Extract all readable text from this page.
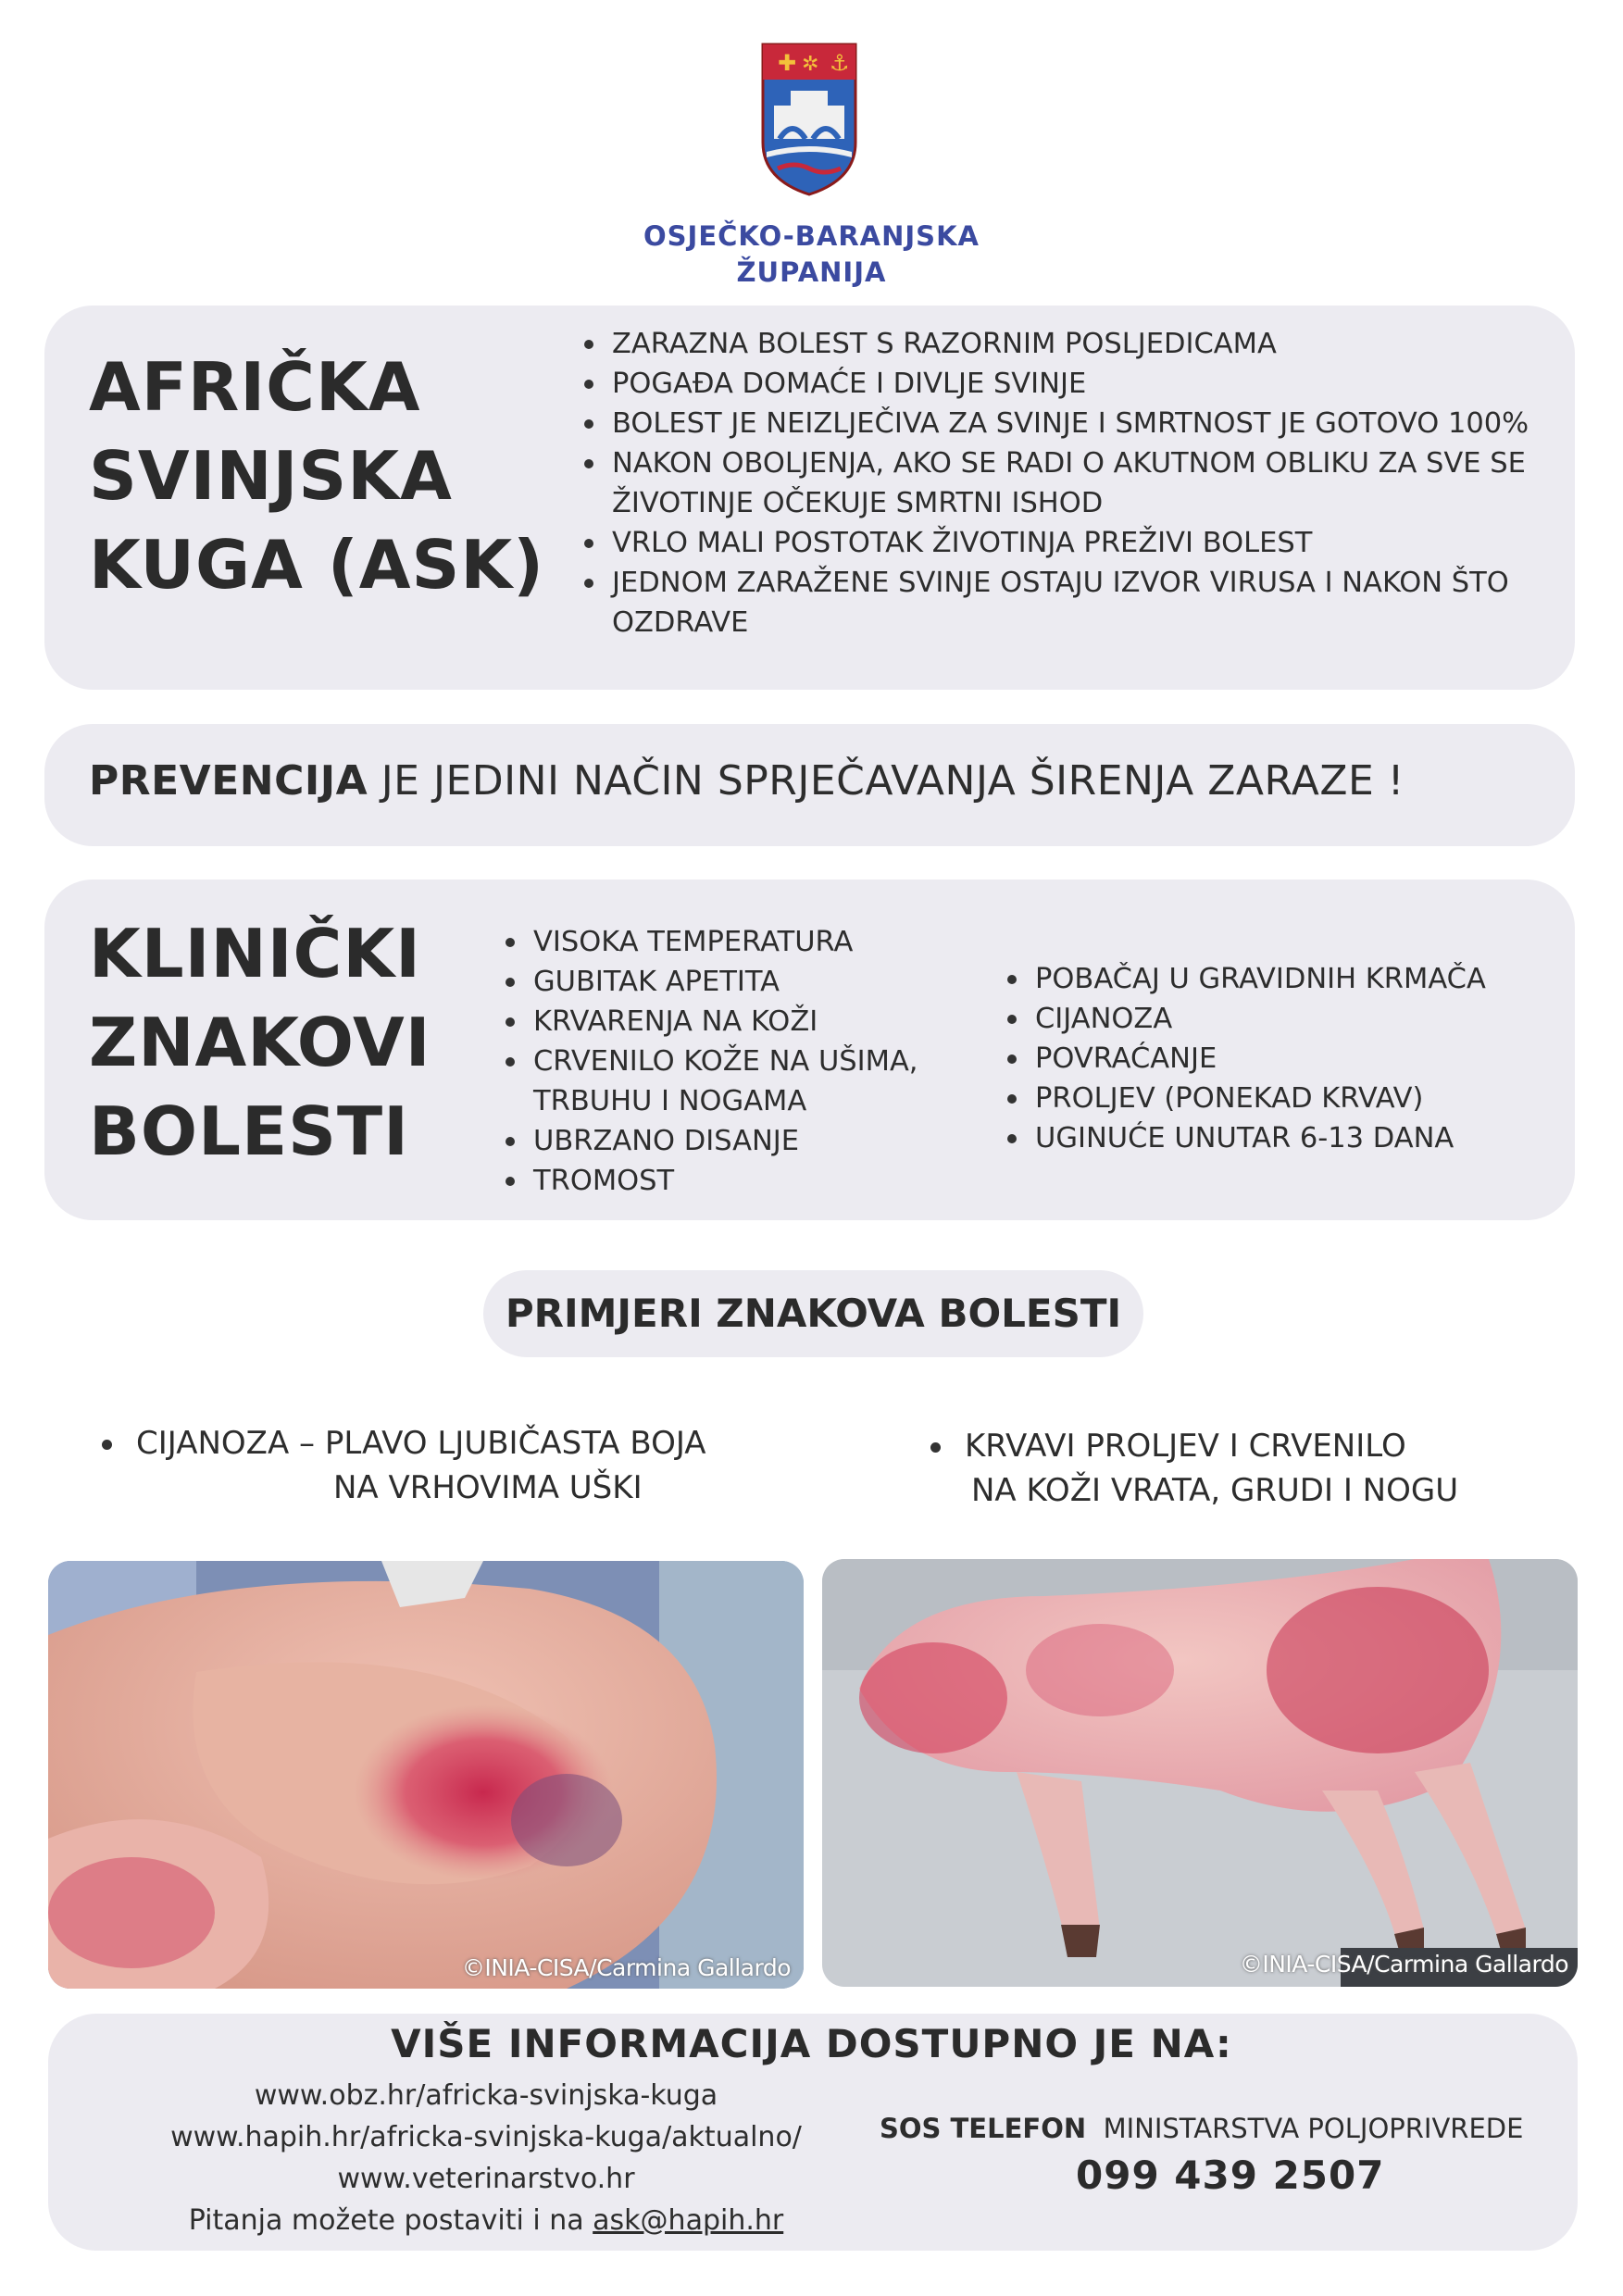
✚ ✲ ⚓
OSJEČKO-BARANJSKA
ŽUPANIJA
AFRIČKA
SVINJSKA
KUGA (ASK)
ZARAZNA BOLEST S RAZORNIM POSLJEDICAMA
POGAĐA DOMAĆE I DIVLJE SVINJE
BOLEST JE NEIZLJEČIVA ZA SVINJE I SMRTNOST JE GOTOVO 100%
NAKON OBOLJENJA, AKO SE RADI O AKUTNOM OBLIKU ZA SVE SE ŽIVOTINJE OČEKUJE SMRTNI ISHOD
VRLO MALI POSTOTAK ŽIVOTINJA PREŽIVI BOLEST
JEDNOM ZARAŽENE SVINJE OSTAJU IZVOR VIRUSA I NAKON ŠTO OZDRAVE
PREVENCIJA JE JEDINI NAČIN SPRJEČAVANJA ŠIRENJA ZARAZE !
KLINIČKI
ZNAKOVI
BOLESTI
VISOKA TEMPERATURA
GUBITAK APETITA
KRVARENJA NA KOŽI
CRVENILO KOŽE NA UŠIMA, TRBUHU I NOGAMA
UBRZANO DISANJE
TROMOST
POBAČAJ U GRAVIDNIH KRMAČA
CIJANOZA
POVRAĆANJE
PROLJEV (PONEKAD KRVAV)
UGINUĆE UNUTAR 6-13 DANA
PRIMJERI ZNAKOVA BOLESTI
CIJANOZA – PLAVO LJUBIČASTA BOJA
NA VRHOVIMA UŠKI
KRVAVI PROLJEV I CRVENILO
NA KOŽI VRATA, GRUDI I NOGU
©INIA-CISA/Carmina Gallardo	©INIA-CISA/Carmina Gallardo
VIŠE INFORMACIJA DOSTUPNO JE NA:
www.obz.hr/africka-svinjska-kuga
www.hapih.hr/africka-svinjska-kuga/aktualno/
www.veterinarstvo.hr
Pitanja možete postaviti i na ask@hapih.hr
SOS TELEFON MINISTARSTVA POLJOPRIVREDE
099 439 2507
